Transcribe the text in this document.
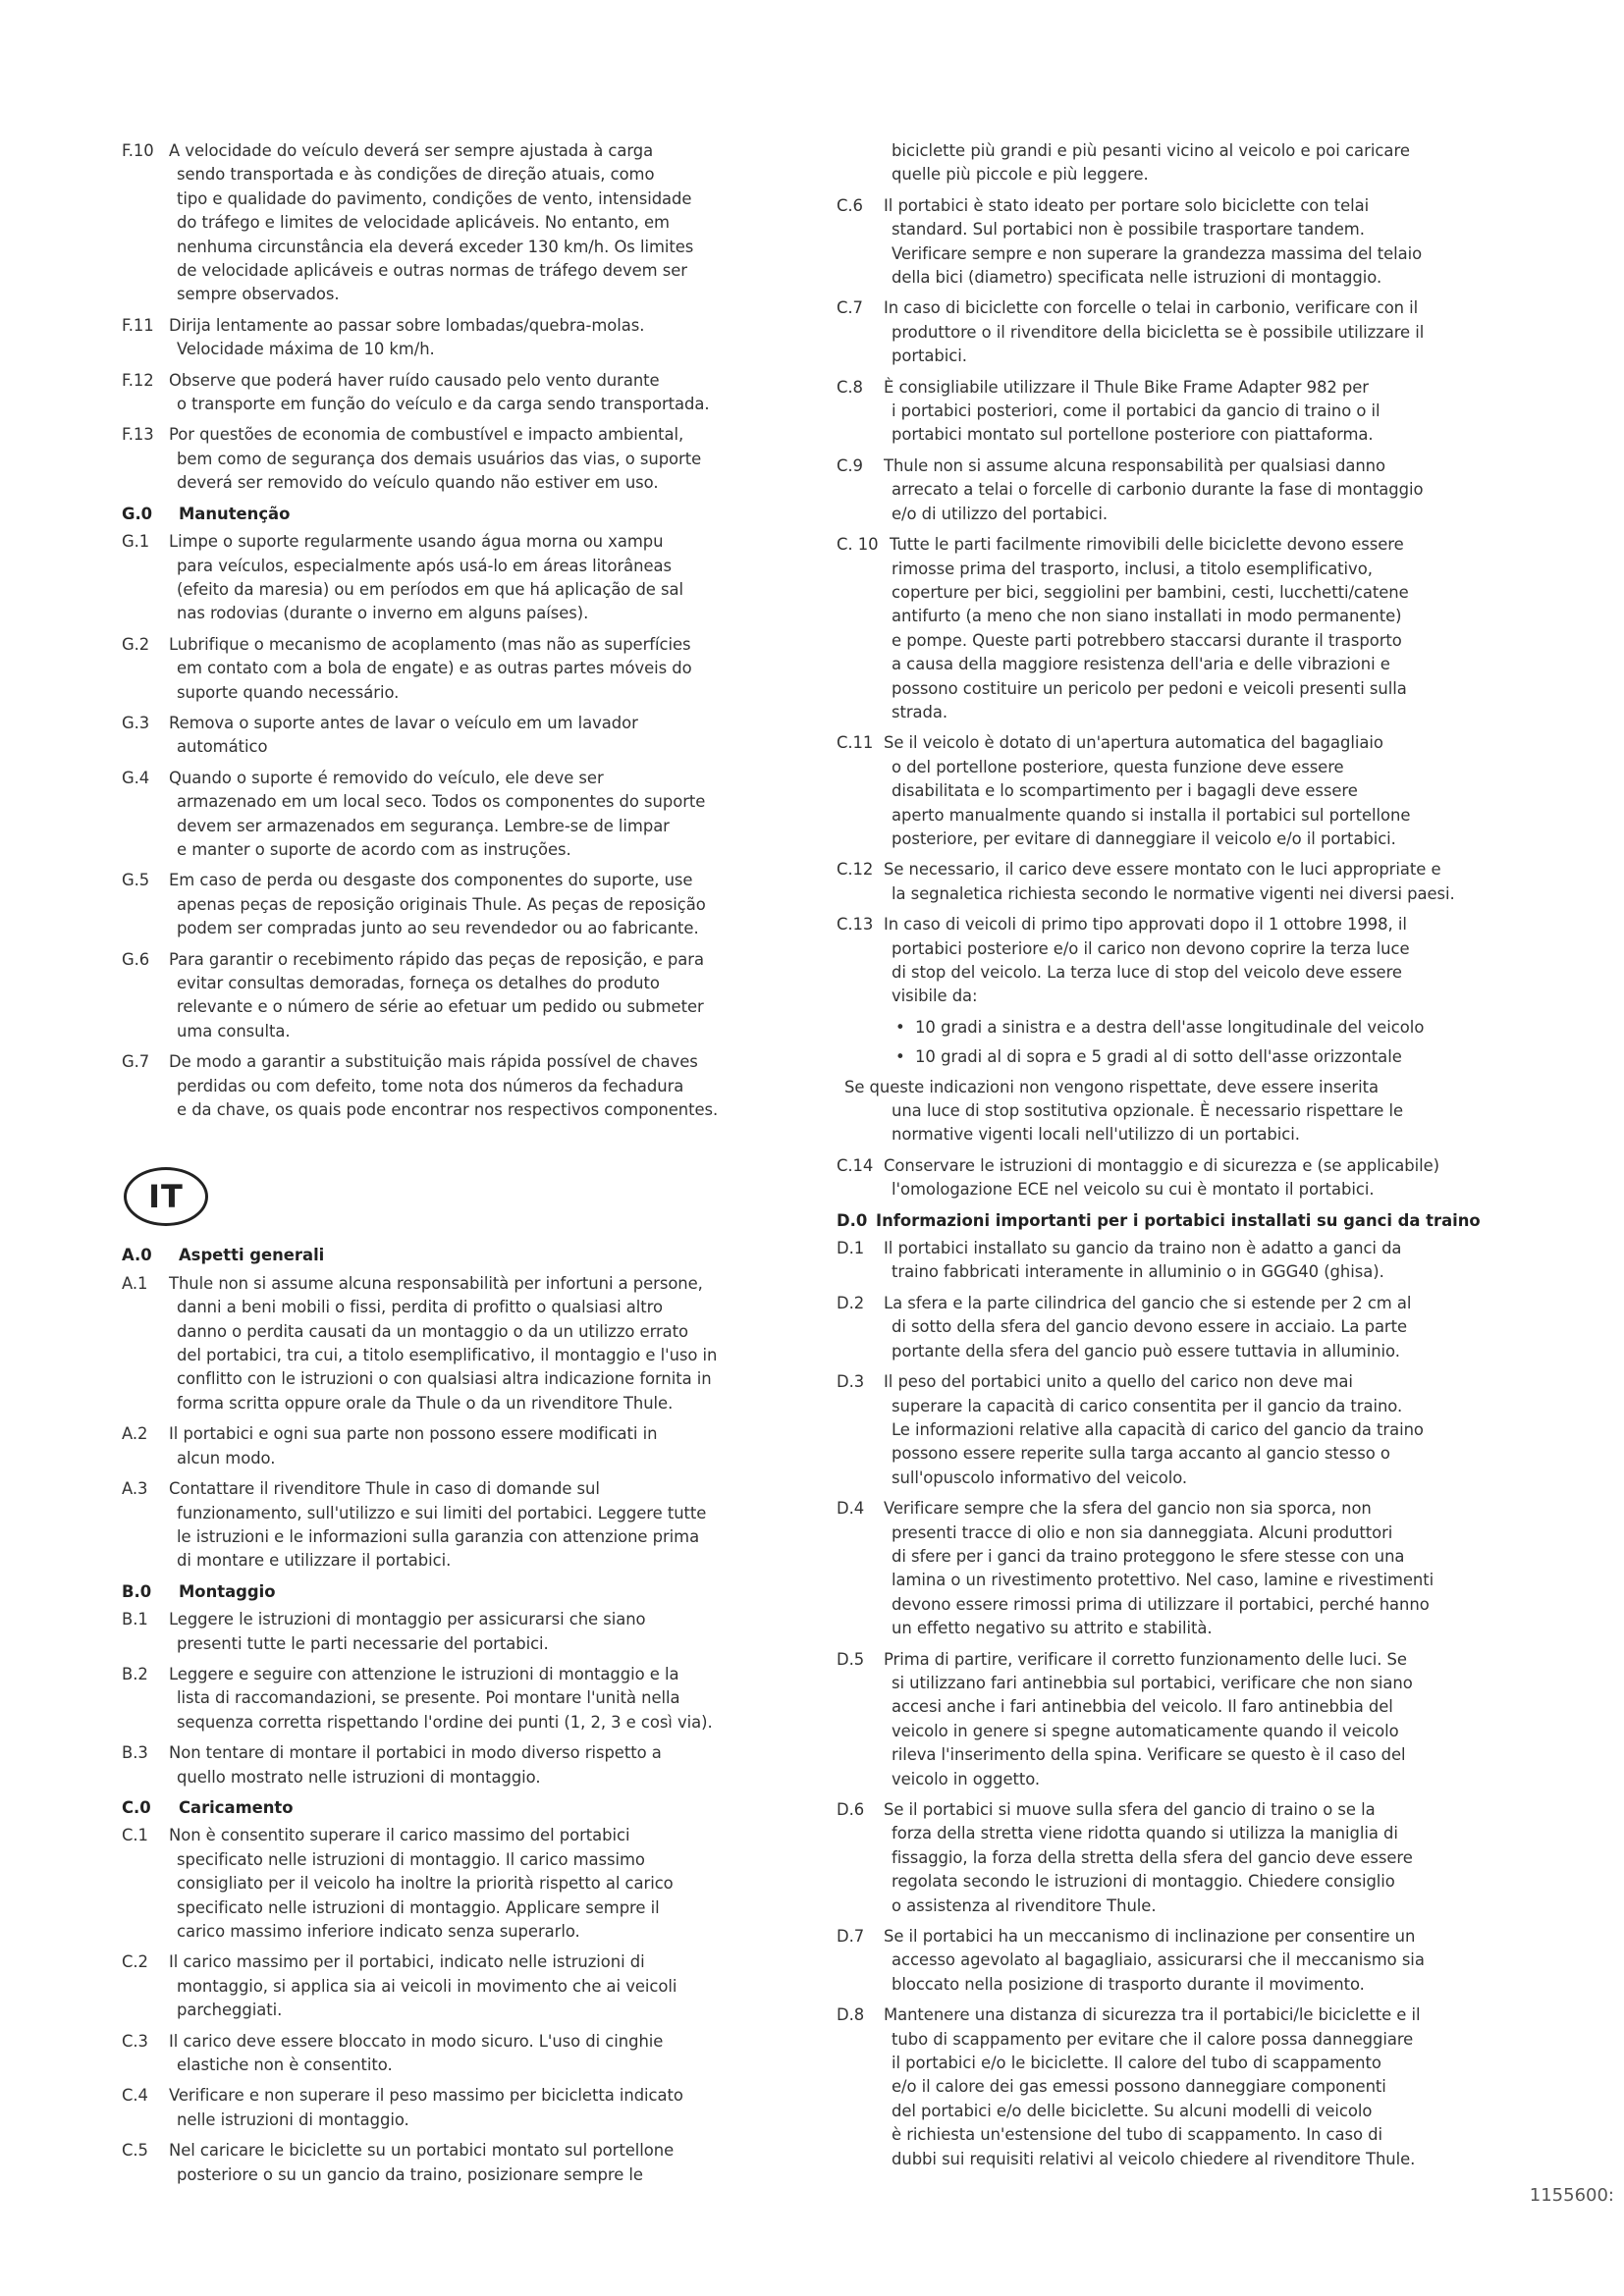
F.10 A velocidade do veículo deverá ser sempre ajustada à carga

sendo transportada e às condições de direção atuais, como

tipo e qualidade do pavimento, condições de vento, intensidade

do tráfego e limites de velocidade aplicáveis. No entanto, em

nenhuma circunstância ela deverá exceder 130 km/h. Os limites

de velocidade aplicáveis e outras normas de tráfego devem ser

sempre observados.

F.11 Dirija lentamente ao passar sobre lombadas/quebra-molas.

Velocidade máxima de 10 km/h.

F.12 Observe que poderá haver ruído causado pelo vento durante

o transporte em função do veículo e da carga sendo transportada.

F.13 Por questões de economia de combustível e impacto ambiental,

bem como de segurança dos demais usuários das vias, o suporte

deverá ser removido do veículo quando não estiver em uso.

G.0 Manutenção
G.1 Limpe o suporte regularmente usando água morna ou xampu

para veículos, especialmente após usá-lo em áreas litorâneas

(efeito da maresia) ou em períodos em que há aplicação de sal

nas rodovias (durante o inverno em alguns países).

G.2 Lubrifique o mecanismo de acoplamento (mas não as superfícies

em contato com a bola de engate) e as outras partes móveis do

suporte quando necessário.

G.3 Remova o suporte antes de lavar o veículo em um lavador

automático

G.4 Quando o suporte é removido do veículo, ele deve ser

armazenado em um local seco. Todos os componentes do suporte

devem ser armazenados em segurança. Lembre-se de limpar

e manter o suporte de acordo com as instruções.

G.5 Em caso de perda ou desgaste dos componentes do suporte, use

apenas peças de reposição originais Thule. As peças de reposição

podem ser compradas junto ao seu revendedor ou ao fabricante.

G.6 Para garantir o recebimento rápido das peças de reposição, e para

evitar consultas demoradas, forneça os detalhes do produto

relevante e o número de série ao efetuar um pedido ou submeter

uma consulta.

G.7 De modo a garantir a substituição mais rápida possível de chaves

perdidas ou com defeito, tome nota dos números da fechadura

e da chave, os quais pode encontrar nos respectivos componentes.

IT
A.0 Aspetti generali
A.1 Thule non si assume alcuna responsabilità per infortuni a persone,

danni a beni mobili o fissi, perdita di profitto o qualsiasi altro

danno o perdita causati da un montaggio o da un utilizzo errato

del portabici, tra cui, a titolo esemplificativo, il montaggio e l'uso in

conflitto con le istruzioni o con qualsiasi altra indicazione fornita in

forma scritta oppure orale da Thule o da un rivenditore Thule.

A.2 Il portabici e ogni sua parte non possono essere modificati in

alcun modo.

A.3 Contattare il rivenditore Thule in caso di domande sul

funzionamento, sull'utilizzo e sui limiti del portabici. Leggere tutte

le istruzioni e le informazioni sulla garanzia con attenzione prima

di montare e utilizzare il portabici.

B.0 Montaggio
B.1 Leggere le istruzioni di montaggio per assicurarsi che siano

presenti tutte le parti necessarie del portabici.

B.2 Leggere e seguire con attenzione le istruzioni di montaggio e la

lista di raccomandazioni, se presente. Poi montare l'unità nella

sequenza corretta rispettando l'ordine dei punti (1, 2, 3 e così via).

B.3 Non tentare di montare il portabici in modo diverso rispetto a

quello mostrato nelle istruzioni di montaggio.

C.0 Caricamento
C.1 Non è consentito superare il carico massimo del portabici

specificato nelle istruzioni di montaggio. Il carico massimo

consigliato per il veicolo ha inoltre la priorità rispetto al carico

specificato nelle istruzioni di montaggio. Applicare sempre il

carico massimo inferiore indicato senza superarlo.

C.2 Il carico massimo per il portabici, indicato nelle istruzioni di

montaggio, si applica sia ai veicoli in movimento che ai veicoli

parcheggiati.

C.3 Il carico deve essere bloccato in modo sicuro. L'uso di cinghie

elastiche non è consentito.

C.4 Verificare e non superare il peso massimo per bicicletta indicato

nelle istruzioni di montaggio.

C.5 Nel caricare le biciclette su un portabici montato sul portellone

posteriore o su un gancio da traino, posizionare sempre le

biciclette più grandi e più pesanti vicino al veicolo e poi caricare

quelle più piccole e più leggere.

C.6 Il portabici è stato ideato per portare solo biciclette con telai

standard. Sul portabici non è possibile trasportare tandem.

Verificare sempre e non superare la grandezza massima del telaio

della bici (diametro) specificata nelle istruzioni di montaggio.

C.7 In caso di biciclette con forcelle o telai in carbonio, verificare con il

produttore o il rivenditore della bicicletta se è possibile utilizzare il

portabici.

C.8 È consigliabile utilizzare il Thule Bike Frame Adapter 982 per

i portabici posteriori, come il portabici da gancio di traino o il

portabici montato sul portellone posteriore con piattaforma.

C.9 Thule non si assume alcuna responsabilità per qualsiasi danno

arrecato a telai o forcelle di carbonio durante la fase di montaggio

e/o di utilizzo del portabici.

C. 10 Tutte le parti facilmente rimovibili delle biciclette devono essere

rimosse prima del trasporto, inclusi, a titolo esemplificativo,

coperture per bici, seggiolini per bambini, cesti, lucchetti/catene

antifurto (a meno che non siano installati in modo permanente)

e pompe. Queste parti potrebbero staccarsi durante il trasporto

a causa della maggiore resistenza dell'aria e delle vibrazioni e

possono costituire un pericolo per pedoni e veicoli presenti sulla

strada.

C.11 Se il veicolo è dotato di un'apertura automatica del bagagliaio

o del portellone posteriore, questa funzione deve essere

disabilitata e lo scompartimento per i bagagli deve essere

aperto manualmente quando si installa il portabici sul portellone

posteriore, per evitare di danneggiare il veicolo e/o il portabici.

C.12 Se necessario, il carico deve essere montato con le luci appropriate e

la segnaletica richiesta secondo le normative vigenti nei diversi paesi.

C.13 In caso di veicoli di primo tipo approvati dopo il 1 ottobre 1998, il

portabici posteriore e/o il carico non devono coprire la terza luce

di stop del veicolo. La terza luce di stop del veicolo deve essere

visibile da:

• 10 gradi a sinistra e a destra dell'asse longitudinale del veicolo
• 10 gradi al di sopra e 5 gradi al di sotto dell'asse orizzontale
Se queste indicazioni non vengono rispettate, deve essere inserita

una luce di stop sostitutiva opzionale. È necessario rispettare le

normative vigenti locali nell'utilizzo di un portabici.

C.14 Conservare le istruzioni di montaggio e di sicurezza e (se applicabile)

l'omologazione ECE nel veicolo su cui è montato il portabici.

D.0 Informazioni importanti per i portabici installati su ganci da traino
D.1 Il portabici installato su gancio da traino non è adatto a ganci da

traino fabbricati interamente in alluminio o in GGG40 (ghisa).

D.2 La sfera e la parte cilindrica del gancio che si estende per 2 cm al

di sotto della sfera del gancio devono essere in acciaio. La parte

portante della sfera del gancio può essere tuttavia in alluminio.

D.3 Il peso del portabici unito a quello del carico non deve mai

superare la capacità di carico consentita per il gancio da traino.

Le informazioni relative alla capacità di carico del gancio da traino

possono essere reperite sulla targa accanto al gancio stesso o

sull'opuscolo informativo del veicolo.

D.4 Verificare sempre che la sfera del gancio non sia sporca, non

presenti tracce di olio e non sia danneggiata. Alcuni produttori

di sfere per i ganci da traino proteggono le sfere stesse con una

lamina o un rivestimento protettivo. Nel caso, lamine e rivestimenti

devono essere rimossi prima di utilizzare il portabici, perché hanno

un effetto negativo su attrito e stabilità.

D.5 Prima di partire, verificare il corretto funzionamento delle luci. Se

si utilizzano fari antinebbia sul portabici, verificare che non siano

accesi anche i fari antinebbia del veicolo. Il faro antinebbia del

veicolo in genere si spegne automaticamente quando il veicolo

rileva l'inserimento della spina. Verificare se questo è il caso del

veicolo in oggetto.

D.6 Se il portabici si muove sulla sfera del gancio di traino o se la

forza della stretta viene ridotta quando si utilizza la maniglia di

fissaggio, la forza della stretta della sfera del gancio deve essere

regolata secondo le istruzioni di montaggio. Chiedere consiglio

o assistenza al rivenditore Thule.

D.7 Se il portabici ha un meccanismo di inclinazione per consentire un

accesso agevolato al bagagliaio, assicurarsi che il meccanismo sia

bloccato nella posizione di trasporto durante il movimento.

D.8 Mantenere una distanza di sicurezza tra il portabici/le biciclette e il

tubo di scappamento per evitare che il calore possa danneggiare

il portabici e/o le biciclette. Il calore del tubo di scappamento

e/o il calore dei gas emessi possono danneggiare componenti

del portabici e/o delle biciclette. Su alcuni modelli di veicolo

è richiesta un'estensione del tubo di scappamento. In caso di

dubbi sui requisiti relativi al veicolo chiedere al rivenditore Thule.

1155600:
